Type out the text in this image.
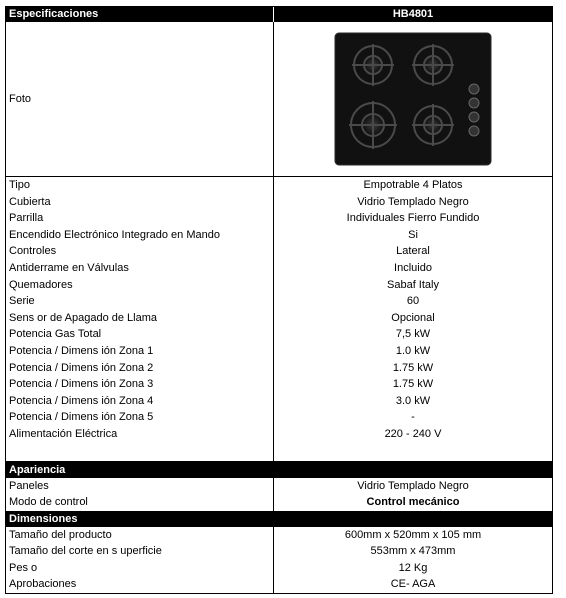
Especificaciones	HB4801
Foto
Tipo	Empotrable 4 Platos
Cubierta	Vidrio Templado Negro
Parrilla	Individuales Fierro Fundido
Encendido Electrónico Integrado en Mando	Si
Controles	Lateral
Antiderrame en Válvulas	Incluido
Quemadores	Sabaf Italy
Serie	60
Sens or de Apagado de Llama	Opcional
Potencia Gas Total	7,5 kW
Potencia / Dimens ión Zona 1	1.0 kW
Potencia / Dimens ión Zona 2	1.75 kW
Potencia / Dimens ión Zona 3	1.75 kW
Potencia / Dimens ión Zona 4	3.0 kW
Potencia / Dimens ión Zona 5	-
Alimentación Eléctrica	220 - 240 V
Apariencia
Paneles	Vidrio Templado Negro
Modo de control	Control mecánico
Dimensiones
Tamaño del producto	600mm x 520mm x 105 mm
Tamaño del corte en s uperficie	553mm x 473mm
Pes o	12 Kg
Aprobaciones	CE- AGA
